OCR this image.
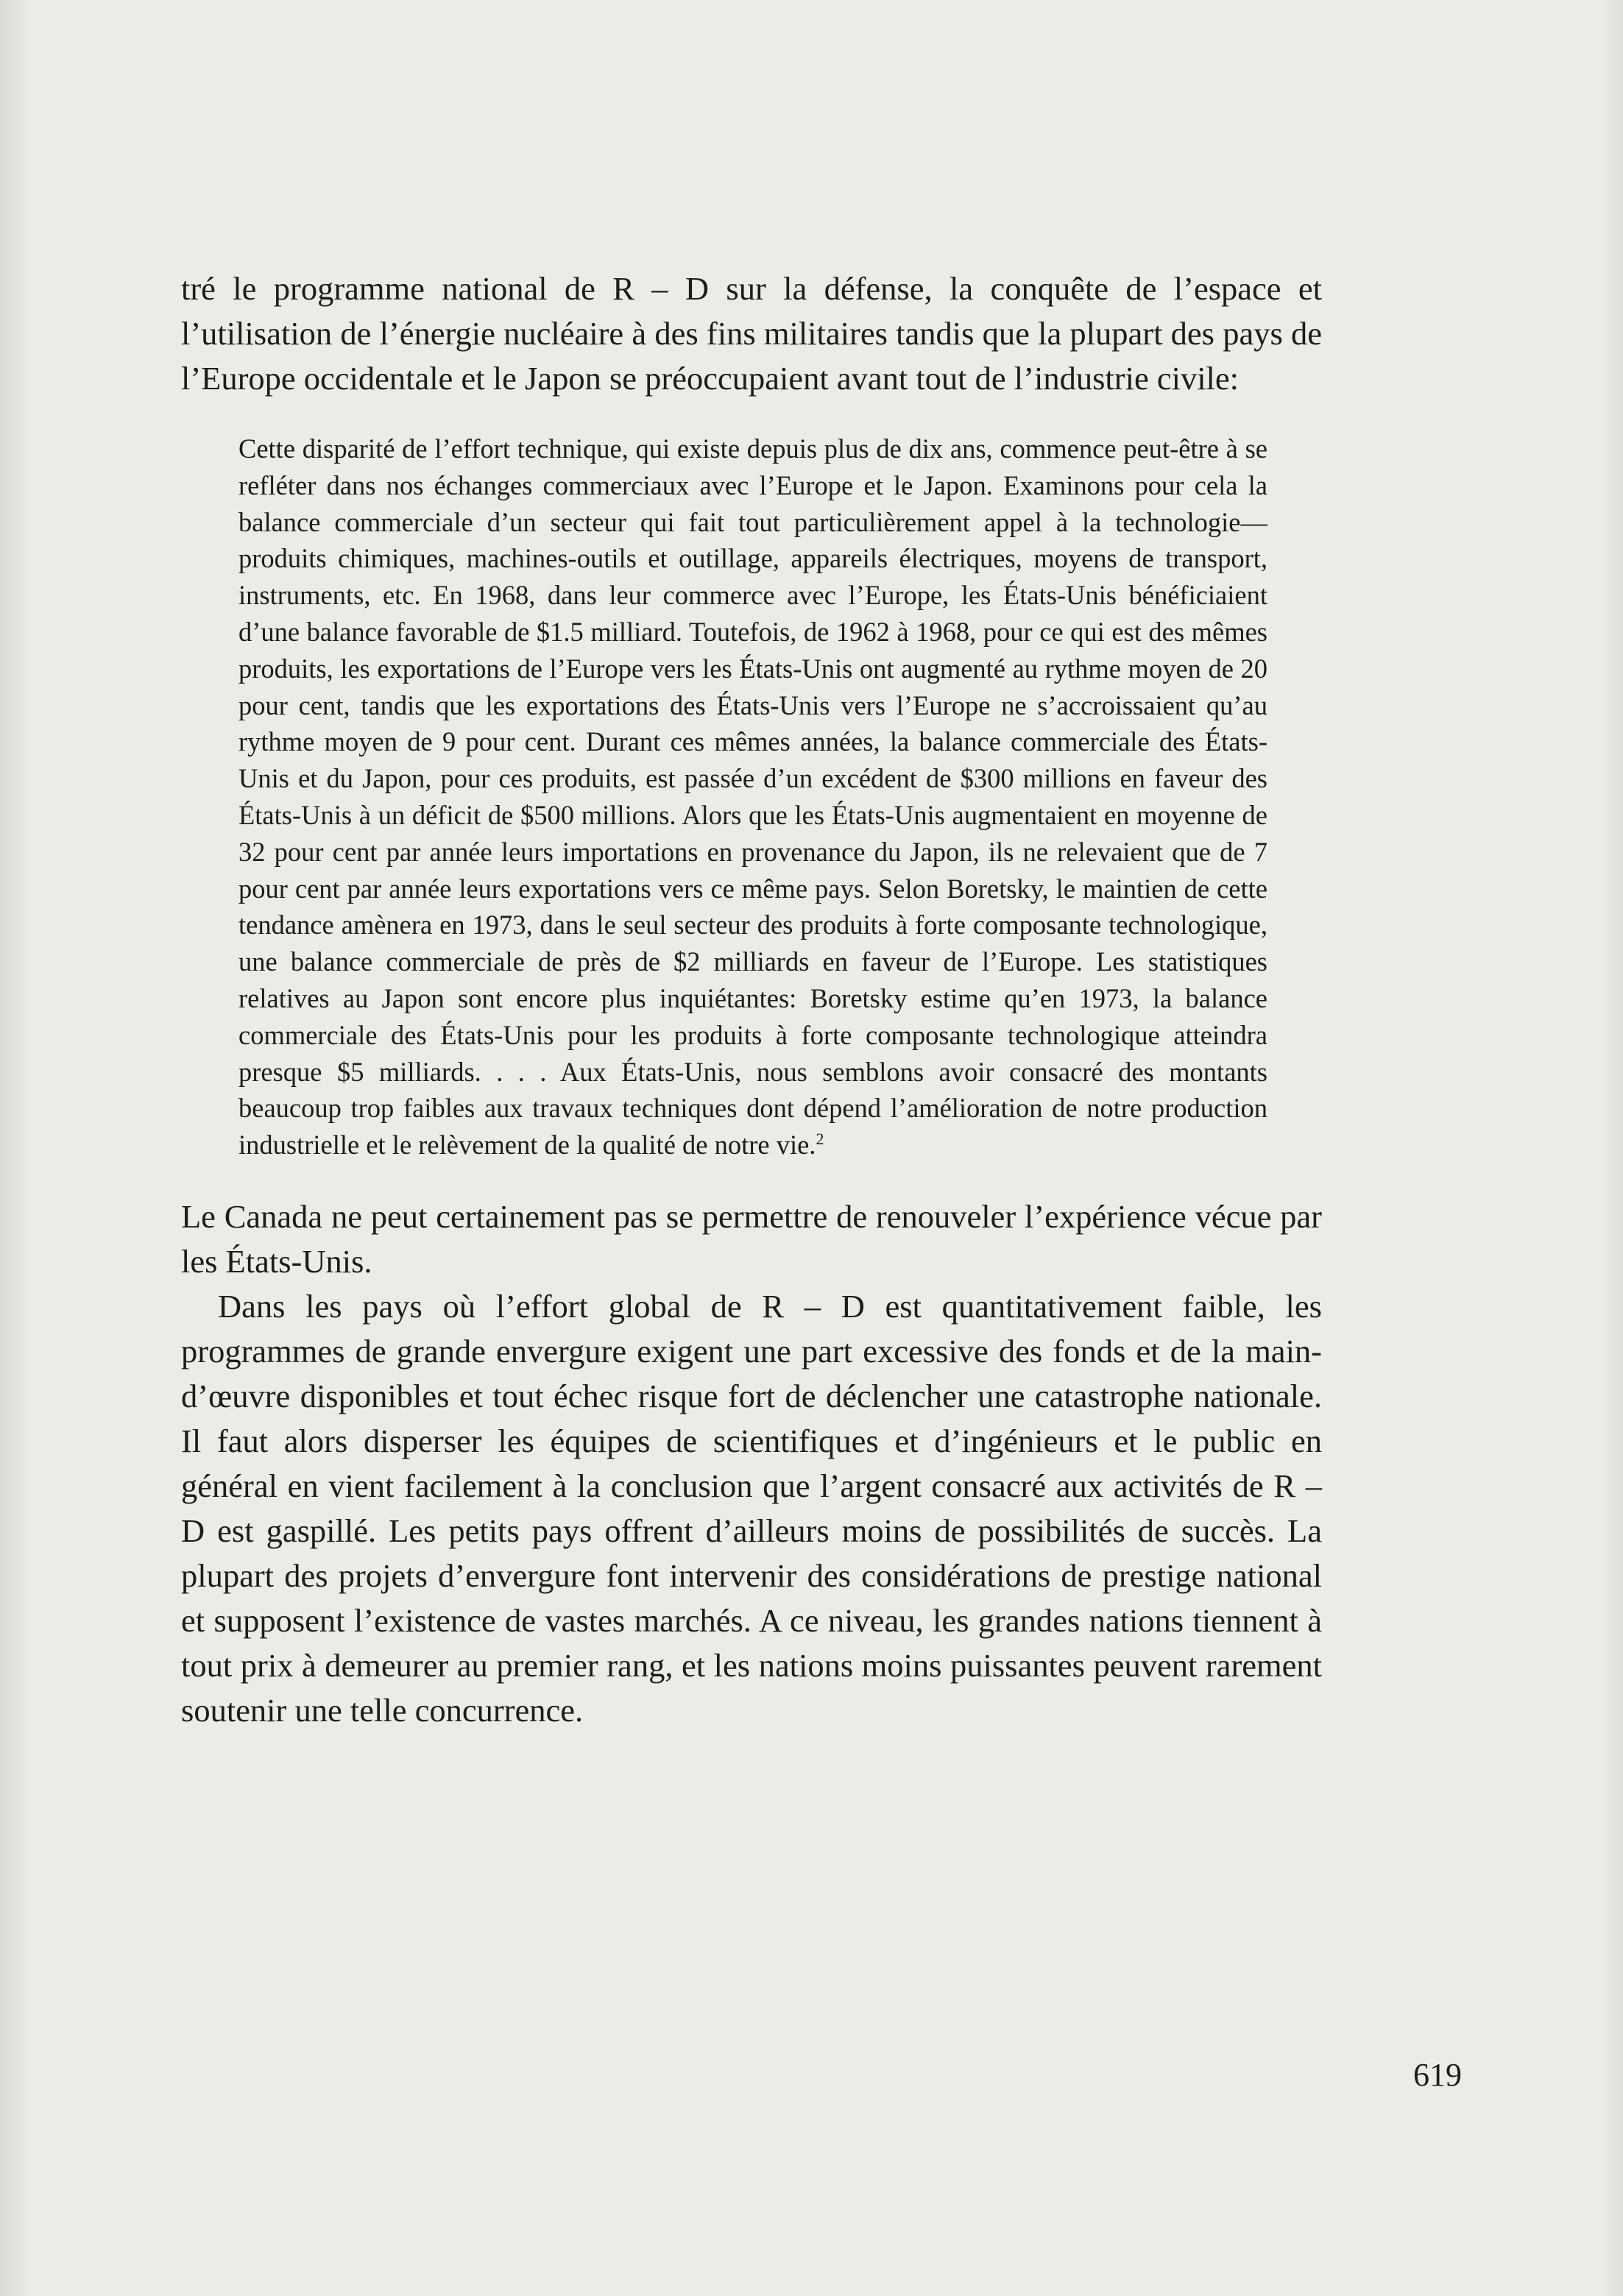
tré le programme national de R – D sur la défense, la conquête de l’espace et l’utilisation de l’énergie nucléaire à des fins militaires tandis que la plupart des pays de l’Europe occidentale et le Japon se préoccupaient avant tout de l’industrie civile:

Cette disparité de l’effort technique, qui existe depuis plus de dix ans, commence peut-être à se refléter dans nos échanges commerciaux avec l’Europe et le Japon. Examinons pour cela la balance commerciale d’un secteur qui fait tout particulièrement appel à la technologie—produits chimiques, machines-outils et outillage, appareils électriques, moyens de transport, instruments, etc. En 1968, dans leur commerce avec l’Europe, les États-Unis bénéficiaient d’une balance favorable de $1.5 milliard. Toutefois, de 1962 à 1968, pour ce qui est des mêmes produits, les exportations de l’Europe vers les États-Unis ont augmenté au rythme moyen de 20 pour cent, tandis que les exportations des États-Unis vers l’Europe ne s’accroissaient qu’au rythme moyen de 9 pour cent. Durant ces mêmes années, la balance commerciale des États-Unis et du Japon, pour ces produits, est passée d’un excédent de $300 millions en faveur des États-Unis à un déficit de $500 millions. Alors que les États-Unis augmentaient en moyenne de 32 pour cent par année leurs importations en provenance du Japon, ils ne relevaient que de 7 pour cent par année leurs exportations vers ce même pays. Selon Boretsky, le maintien de cette tendance amènera en 1973, dans le seul secteur des produits à forte composante technologique, une balance commerciale de près de $2 milliards en faveur de l’Europe. Les statistiques relatives au Japon sont encore plus inquiétantes: Boretsky estime qu’en 1973, la balance commerciale des États-Unis pour les produits à forte composante technologique atteindra presque $5 milliards. . . . Aux États-Unis, nous semblons avoir consacré des montants beaucoup trop faibles aux travaux techniques dont dépend l’amélioration de notre production industrielle et le relèvement de la qualité de notre vie.$^2$

Le Canada ne peut certainement pas se permettre de renouveler l’expérience vécue par les États-Unis.

Dans les pays où l’effort global de R – D est quantitativement faible, les programmes de grande envergure exigent une part excessive des fonds et de la main-d’œuvre disponibles et tout échec risque fort de déclencher une catastrophe nationale. Il faut alors disperser les équipes de scientifiques et d’ingénieurs et le public en général en vient facilement à la conclusion que l’argent consacré aux activités de R – D est gaspillé. Les petits pays offrent d’ailleurs moins de possibilités de succès. La plupart des projets d’envergure font intervenir des considérations de prestige national et supposent l’existence de vastes marchés. A ce niveau, les grandes nations tiennent à tout prix à demeurer au premier rang, et les nations moins puissantes peuvent rarement soutenir une telle concurrence.

619
